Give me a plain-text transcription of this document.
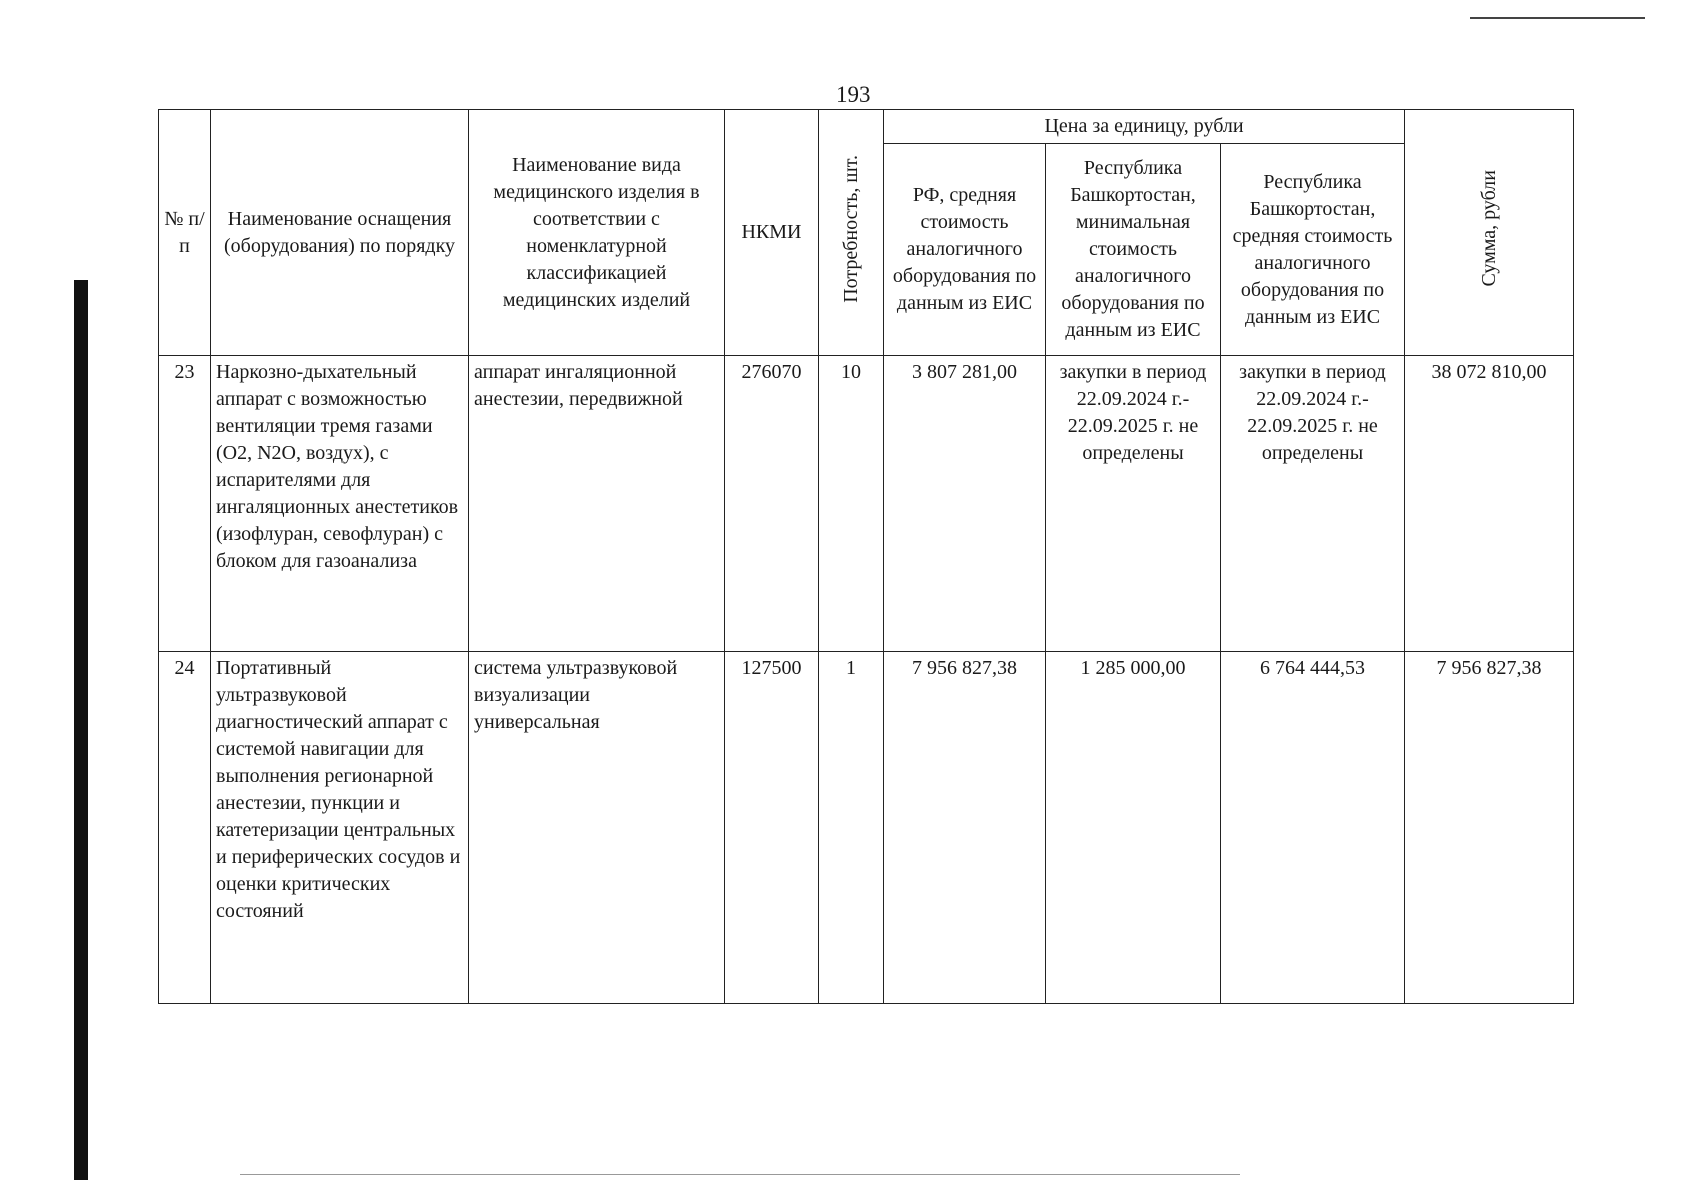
193
№ п/п	Наименование оснащения (оборудования) по порядку	Наименование вида медицинского изделия в соответствии с номенклатурной классификацией медицинских изделий	НКМИ	Потребность, шт.	Цена за единицу, рубли			Сумма, рубли
					РФ, средняя стоимость аналогичного оборудования по данным из ЕИС	Республика Башкортостан, минимальная стоимость аналогичного оборудования по данным из ЕИС	Республика Башкортостан, средняя стоимость аналогичного оборудования по данным из ЕИС	
23	Наркозно-дыхательный аппарат с возможностью вентиляции тремя газами (О2, N2O, воздух), с испарителями для ингаляционных анестетиков (изофлуран, севофлуран) с блоком для газоанализа	аппарат ингаляционной анестезии, передвижной	276070	10	3 807 281,00	закупки в период 22.09.2024 г.- 22.09.2025 г. не определены	закупки в период 22.09.2024 г.- 22.09.2025 г. не определены	38 072 810,00
24	Портативный ультразвуковой диагностический аппарат с системой навигации для выполнения регионарной анестезии, пункции и катетеризации центральных и периферических сосудов и оценки критических состояний	система ультразвуковой визуализации универсальная	127500	1	7 956 827,38	1 285 000,00	6 764 444,53	7 956 827,38
